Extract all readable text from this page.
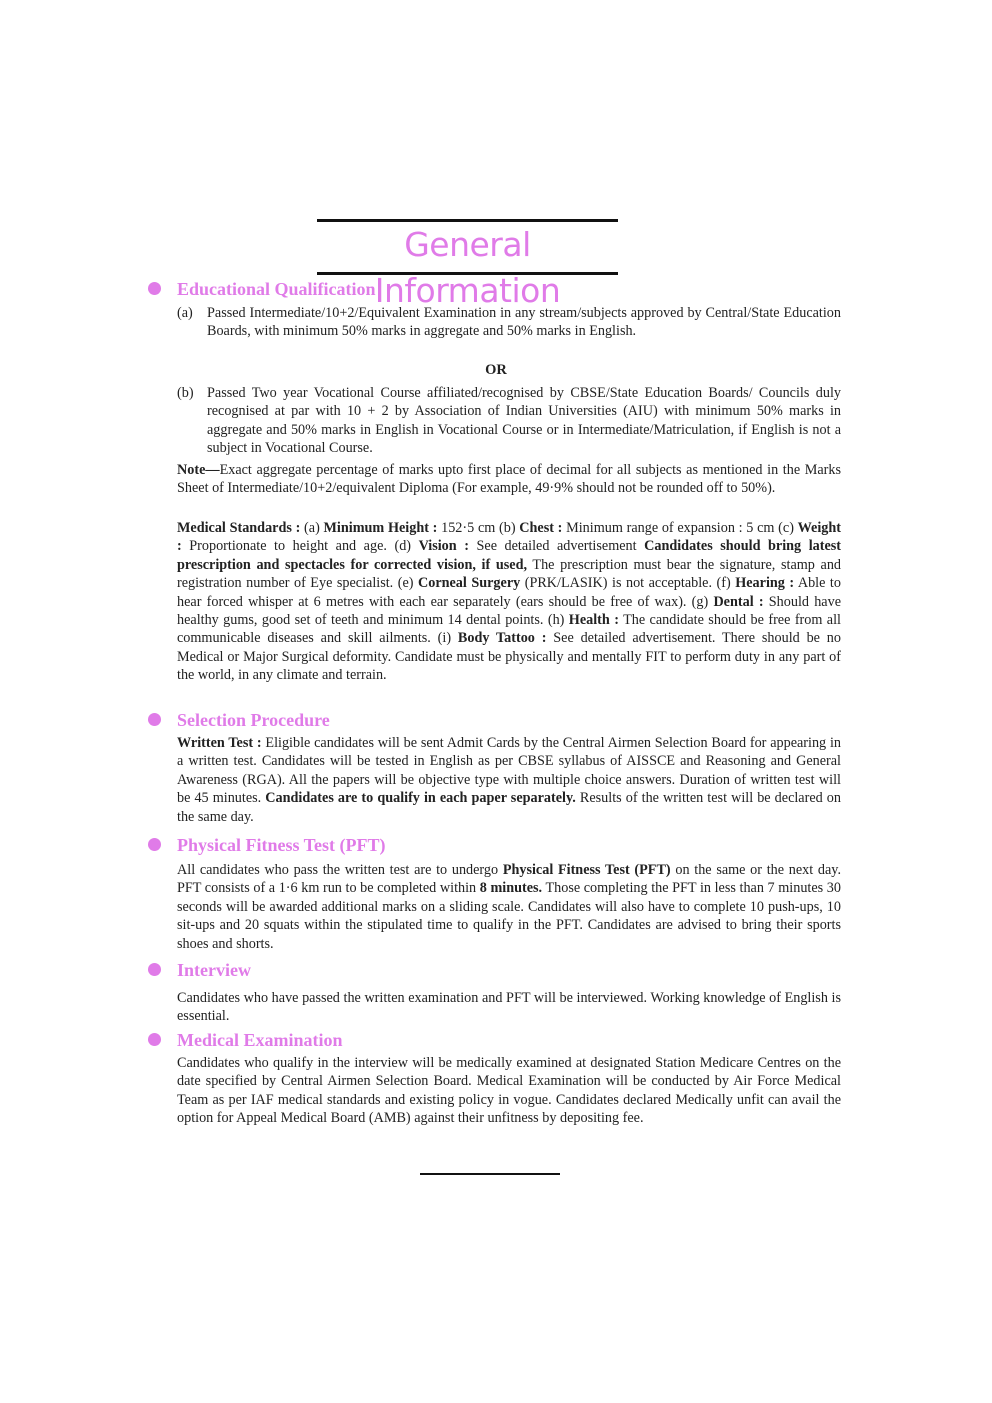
General Information
Educational Qualification
(a) Passed Intermediate/10+2/Equivalent Examination in any stream/subjects approved by Central/State Education Boards, with minimum 50% marks in aggregate and 50% marks in English.
OR
(b) Passed Two year Vocational Course affiliated/recognised by CBSE/State Education Boards/ Councils duly recognised at par with 10 + 2 by Association of Indian Universities (AIU) with minimum 50% marks in aggregate and 50% marks in English in Vocational Course or in Intermediate/Matriculation, if English is not a subject in Vocational Course.

Note—Exact aggregate percentage of marks upto first place of decimal for all subjects as mentioned in the Marks Sheet of Intermediate/10+2/equivalent Diploma (For example, 49·9% should not be rounded off to 50%).

Medical Standards : (a) Minimum Height : 152·5 cm (b) Chest : Minimum range of expansion : 5 cm (c) Weight : Proportionate to height and age. (d) Vision : See detailed advertisement Candidates should bring latest prescription and spectacles for corrected vision, if used, The prescription must bear the signature, stamp and registration number of Eye specialist. (e) Corneal Surgery (PRK/LASIK) is not acceptable. (f) Hearing : Able to hear forced whisper at 6 metres with each ear separately (ears should be free of wax). (g) Dental : Should have healthy gums, good set of teeth and minimum 14 dental points. (h) Health : The candidate should be free from all communicable diseases and skill ailments. (i) Body Tattoo : See detailed advertisement. There should be no Medical or Major Surgical deformity. Candidate must be physically and mentally FIT to perform duty in any part of the world, in any climate and terrain.

Selection Procedure

Written Test : Eligible candidates will be sent Admit Cards by the Central Airmen Selection Board for appearing in a written test. Candidates will be tested in English as per CBSE syllabus of AISSCE and Reasoning and General Awareness (RGA). All the papers will be objective type with multiple choice answers. Duration of written test will be 45 minutes. Candidates are to qualify in each paper separately. Results of the written test will be declared on the same day.

Physical Fitness Test (PFT)

All candidates who pass the written test are to undergo Physical Fitness Test (PFT) on the same or the next day. PFT consists of a 1·6 km run to be completed within 8 minutes. Those completing the PFT in less than 7 minutes 30 seconds will be awarded additional marks on a sliding scale. Candidates will also have to complete 10 push-ups, 10 sit-ups and 20 squats within the stipulated time to qualify in the PFT. Candidates are advised to bring their sports shoes and shorts.

Interview

Candidates who have passed the written examination and PFT will be interviewed. Working knowledge of English is essential.

Medical Examination

Candidates who qualify in the interview will be medically examined at designated Station Medicare Centres on the date specified by Central Airmen Selection Board. Medical Examination will be conducted by Air Force Medical Team as per IAF medical standards and existing policy in vogue. Candidates declared Medically unfit can avail the option for Appeal Medical Board (AMB) against their unfitness by depositing fee.
